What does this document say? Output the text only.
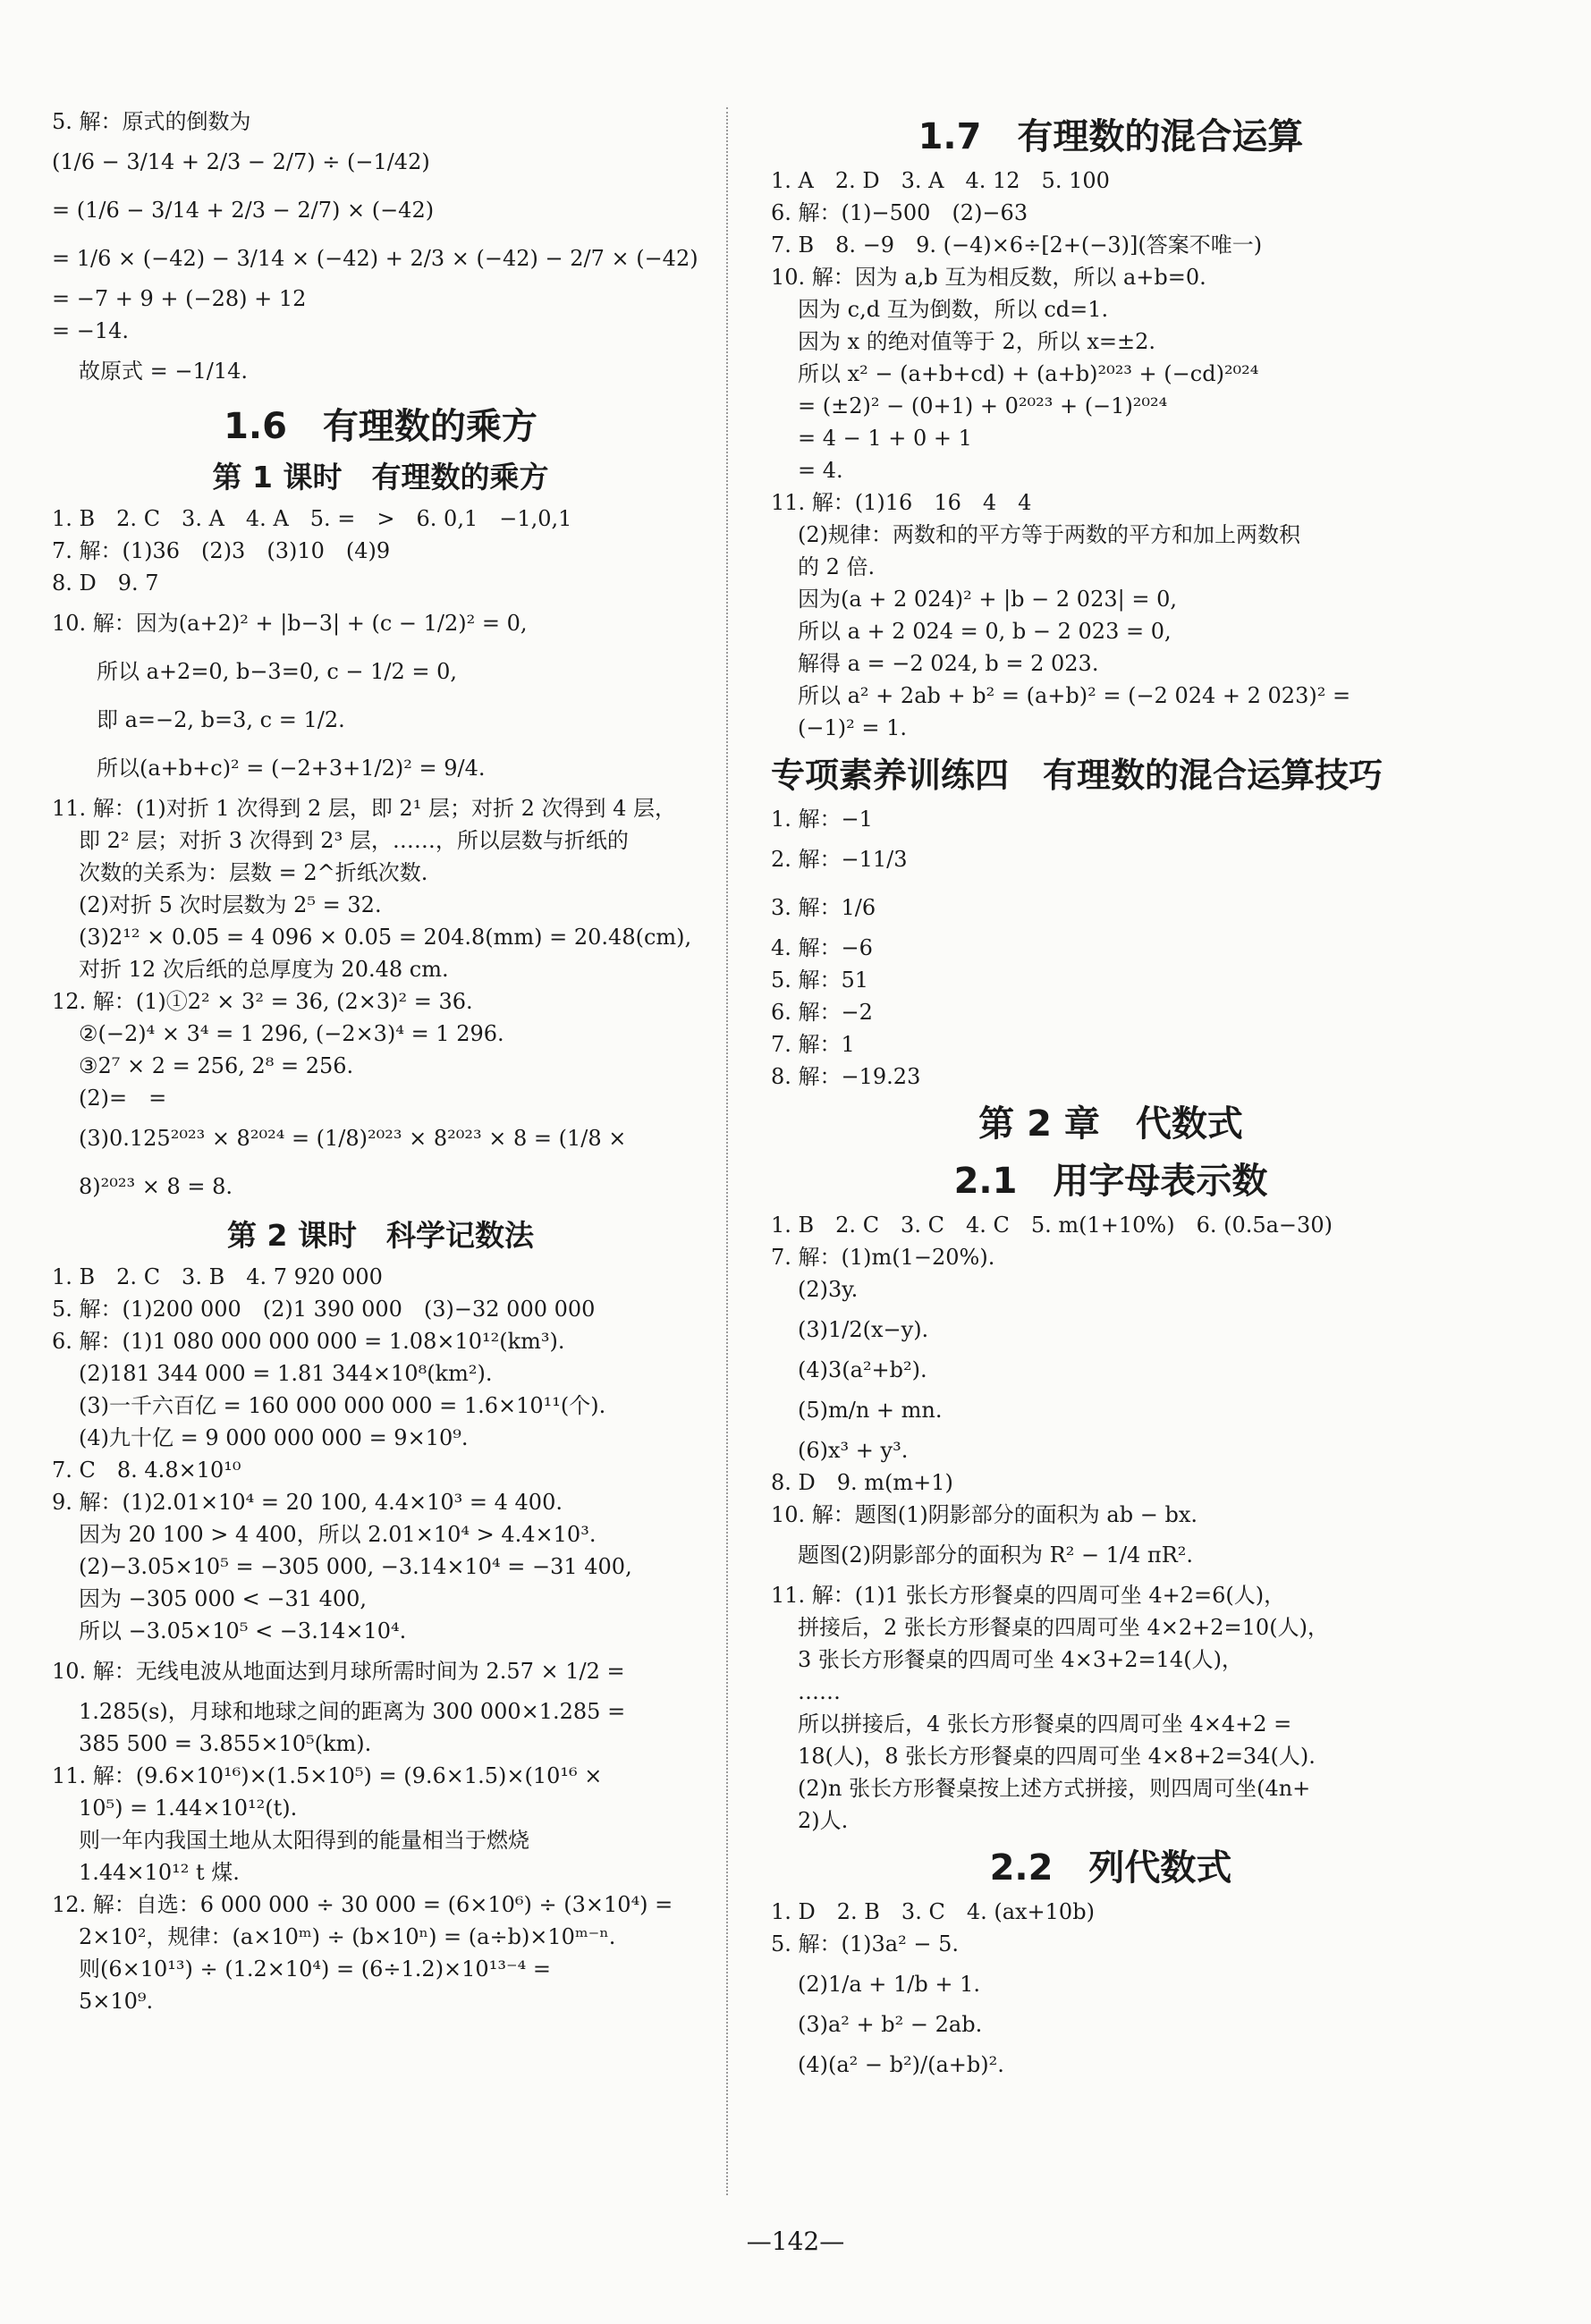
5. 解：原式的倒数为
(1/6 − 3/14 + 2/3 − 2/7) ÷ (−1/42)
= (1/6 − 3/14 + 2/3 − 2/7) × (−42)
= 1/6 × (−42) − 3/14 × (−42) + 2/3 × (−42) − 2/7 × (−42)
= −7 + 9 + (−28) + 12
= −14.
故原式 = −1/14.
1.6　有理数的乘方
第 1 课时　有理数的乘方
1. B　2. C　3. A　4. A　5. =　>　6. 0,1　−1,0,1
7. 解：(1)36　(2)3　(3)10　(4)9
8. D　9. 7
10. 解：因为(a+2)² + |b−3| + (c − 1/2)² = 0,
所以 a+2=0, b−3=0, c − 1/2 = 0,
即 a=−2, b=3, c = 1/2.
所以(a+b+c)² = (−2+3+1/2)² = 9/4.
11. 解：(1)对折 1 次得到 2 层，即 2¹ 层；对折 2 次得到 4 层，
即 2² 层；对折 3 次得到 2³ 层，……，所以层数与折纸的
次数的关系为：层数 = 2^折纸次数.
(2)对折 5 次时层数为 2⁵ = 32.
(3)2¹² × 0.05 = 4 096 × 0.05 = 204.8(mm) = 20.48(cm),
对折 12 次后纸的总厚度为 20.48 cm.
12. 解：(1)①2² × 3² = 36, (2×3)² = 36.
②(−2)⁴ × 3⁴ = 1 296, (−2×3)⁴ = 1 296.
③2⁷ × 2 = 256, 2⁸ = 256.
(2)=　=
(3)0.125²⁰²³ × 8²⁰²⁴ = (1/8)²⁰²³ × 8²⁰²³ × 8 = (1/8 ×
8)²⁰²³ × 8 = 8.
第 2 课时　科学记数法
1. B　2. C　3. B　4. 7 920 000
5. 解：(1)200 000　(2)1 390 000　(3)−32 000 000
6. 解：(1)1 080 000 000 000 = 1.08×10¹²(km³).
(2)181 344 000 = 1.81 344×10⁸(km²).
(3)一千六百亿 = 160 000 000 000 = 1.6×10¹¹(个).
(4)九十亿 = 9 000 000 000 = 9×10⁹.
7. C　8. 4.8×10¹⁰
9. 解：(1)2.01×10⁴ = 20 100, 4.4×10³ = 4 400.
因为 20 100 > 4 400，所以 2.01×10⁴ > 4.4×10³.
(2)−3.05×10⁵ = −305 000, −3.14×10⁴ = −31 400,
因为 −305 000 < −31 400,
所以 −3.05×10⁵ < −3.14×10⁴.
10. 解：无线电波从地面达到月球所需时间为 2.57 × 1/2 =
1.285(s)，月球和地球之间的距离为 300 000×1.285 =
385 500 = 3.855×10⁵(km).
11. 解：(9.6×10¹⁶)×(1.5×10⁵) = (9.6×1.5)×(10¹⁶ ×
10⁵) = 1.44×10¹²(t).
则一年内我国土地从太阳得到的能量相当于燃烧
1.44×10¹² t 煤.
12. 解：自选：6 000 000 ÷ 30 000 = (6×10⁶) ÷ (3×10⁴) =
2×10²，规律：(a×10ᵐ) ÷ (b×10ⁿ) = (a÷b)×10ᵐ⁻ⁿ.
则(6×10¹³) ÷ (1.2×10⁴) = (6÷1.2)×10¹³⁻⁴ =
5×10⁹.
1.7　有理数的混合运算
1. A　2. D　3. A　4. 12　5. 100
6. 解：(1)−500　(2)−63
7. B　8. −9　9. (−4)×6÷[2+(−3)](答案不唯一)
10. 解：因为 a,b 互为相反数，所以 a+b=0.
因为 c,d 互为倒数，所以 cd=1.
因为 x 的绝对值等于 2，所以 x=±2.
所以 x² − (a+b+cd) + (a+b)²⁰²³ + (−cd)²⁰²⁴
= (±2)² − (0+1) + 0²⁰²³ + (−1)²⁰²⁴
= 4 − 1 + 0 + 1
= 4.
11. 解：(1)16　16　4　4
(2)规律：两数和的平方等于两数的平方和加上两数积
的 2 倍.
因为(a + 2 024)² + |b − 2 023| = 0,
所以 a + 2 024 = 0, b − 2 023 = 0,
解得 a = −2 024, b = 2 023.
所以 a² + 2ab + b² = (a+b)² = (−2 024 + 2 023)² =
(−1)² = 1.
专项素养训练四　有理数的混合运算技巧
1. 解：−1
2. 解：−11/3
3. 解：1/6
4. 解：−6
5. 解：51
6. 解：−2
7. 解：1
8. 解：−19.23
第 2 章　代数式
2.1　用字母表示数
1. B　2. C　3. C　4. C　5. m(1+10%)　6. (0.5a−30)
7. 解：(1)m(1−20%).
(2)3y.
(3)1/2(x−y).
(4)3(a²+b²).
(5)m/n + mn.
(6)x³ + y³.
8. D　9. m(m+1)
10. 解：题图(1)阴影部分的面积为 ab − bx.
题图(2)阴影部分的面积为 R² − 1/4 πR².
11. 解：(1)1 张长方形餐桌的四周可坐 4+2=6(人)，
拼接后，2 张长方形餐桌的四周可坐 4×2+2=10(人)，
3 张长方形餐桌的四周可坐 4×3+2=14(人)，
……
所以拼接后，4 张长方形餐桌的四周可坐 4×4+2 =
18(人)，8 张长方形餐桌的四周可坐 4×8+2=34(人).
(2)n 张长方形餐桌按上述方式拼接，则四周可坐(4n+
2)人.
2.2　列代数式
1. D　2. B　3. C　4. (ax+10b)
5. 解：(1)3a² − 5.
(2)1/a + 1/b + 1.
(3)a² + b² − 2ab.
(4)(a² − b²)/(a+b)².
—142—
